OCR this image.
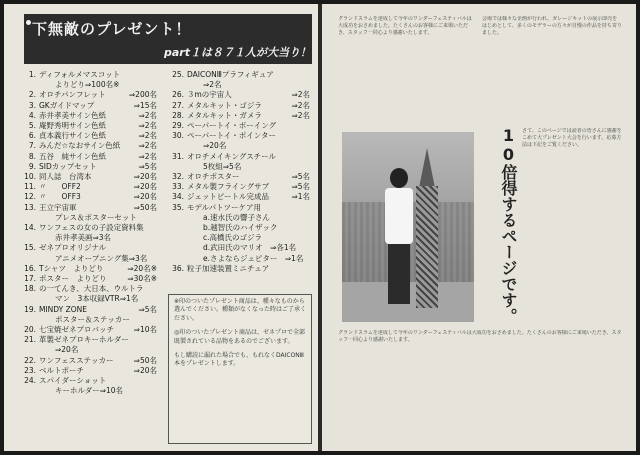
下無敵のプレゼント！
part１は８７１人が大当り！
1. ディフォルメマスコット
よりどり⇒100名※
2. オロチパンフレット	⇒200名
3. GKガイドマップ	⇒15名
4. 赤井孝美サイン色紙	⇒2名
5. 庵野秀明サイン色紙	⇒2名
6. 貞本義行サイン色紙	⇒2名
7. みんだ☆なおサイン色紙	⇒2名
8. 五谷　純サイン色紙	⇒2名
9. SIDカップセット	⇒5名
10. 同人誌　台湾本	⇒20名
11. 〃　　OFF2	⇒20名
12. 〃　　OFF3	⇒20名
13. 王立宇宙軍	⇒50名
プレス＆ポスターセット
14. ワンフェスの女の子設定資料集
赤井孝美画⇒3名
15. ゼネプロオリジナル
アニメオープニング集⇒3名
16. Tシャツ　よりどり	⇒20名※
17. ポスター　よりどり	⇒30名※
18. の一てんき、大日本、ウルトラ
マン　3本収録VTR⇒1名
19. MINDY ZONE	⇒5名
ポスター＆ステッカー
20. 七宝焼ゼネプロバッチ	⇒10名
21. 革製ゼネプロキーホルダー
⇒20名
22. ワンフェスステッカー	⇒50名
23. ベルトポーチ	⇒20名
24. スパイダーショット
キーホルダー⇒10名
25. DAICONⅢプラフィギュア
⇒2名
26. ３mの宇宙人	⇒2名
27. メタルキット・ゴジラ	⇒2名
28. メタルキット・ガメラ	⇒2名
29. ペーパートイ・ボーイング
30. ペーパートイ・ポインター
⇒20名
31. オロチメイキングスチール
5枚組⇒5名
32. オロチポスター	⇒5名
33. メタル製フライングサブ	⇒5名
34. ジェットビートル完成品	⇒1名
35. モデルパトツーケア用
a.速水氏の響子さん
b.越智氏のハイザック
c.高橋氏のゴジラ
d.武田氏のマリオ　⇒各1名
e.さよならジュピター　⇒1名
36. 粒子加速装置ミニチュア
※印のついたプレゼント商品は、種々なものから選んでください。種類がなくなった時はご了承ください。
◎印のついたプレゼント商品は、ゼネプロで全部既製されている品物をあるのでございます。
もし購読に漏れた場合でも、もれなくDAICONⅢ本をプレゼントします。
グランドスラムを達成して今年のワンダーフェスティバルは大成功をおさめました。たくさんのお客様にご来場いただき、スタッフ一同心より感謝いたします。
会場では様々な企画が行われ、ガレージキットの展示即売をはじめとして、多くのモデラーの方々が自慢の作品を持ち寄りました。
10倍得するページです。 さて、このページでは読者の皆さんに感謝をこめて大プレゼント大会を行います。応募方法は下記をご覧ください。
グランドスラムを達成して今年のワンダーフェスティバルは大成功をおさめました。たくさんのお客様にご来場いただき、スタッフ一同心より感謝いたします。
